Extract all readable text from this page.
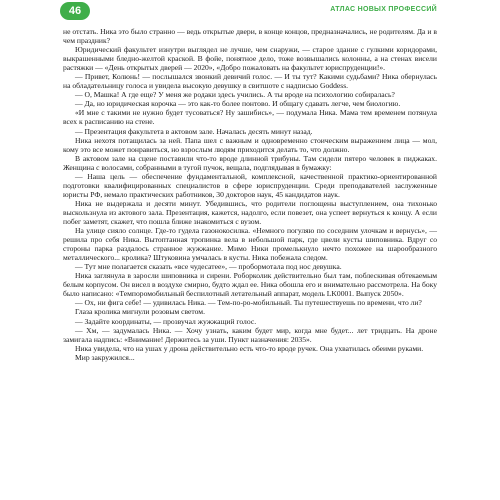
46	АТЛАС НОВЫХ ПРОФЕССИЙ

не отстать. Ника это было странно — ведь открытые двери, в конце концов, предназначались, не родителям. Да и в чем праздник?

Юридический факультет изнутри выглядел не лучше, чем снаружи, — старое здание с гулкими коридорами, выкрашенными бледно-желтой краской. В фойе, понятное дело, тоже возвышались колонны, а на стенах висели растяжки — «День открытых дверей — 2020», «Добро пожаловать на факультет юриспруденции!».

— Привет, Колюнь! — послышался звонкий девичий голос. — И ты тут? Какими судьбами? Ника обернулась на обладательницу голоса и увидела высокую девушку в свитшоте с надписью Goddess.

— О, Машка! А где еще? У меня же родаки здесь учились. А ты вроде на психологию собиралась?

— Да, но юридическая корочка — это как-то более понтово. И общагу сдавать легче, чем биологию.

«И мне с такими не нужно будет тусоваться? Ну зашибись», — подумала Ника. Мама тем временем потянула всех к расписанию на стене.

— Презентация факультета в актовом зале. Началась десять минут назад.

Ника нехотя потащилась за ней. Папа шел с важным и одновременно стоическим выражением лица — мол, кому это все может понравиться, но взрослым людям приходится делать то, что должно.

В актовом зале на сцене поставили что-то вроде длинной трибуны. Там сидели пятеро человек в пиджаках. Женщина с волосами, собранными в тугой пучок, вещала, подглядывая в бумажку:

— Наша цель — обеспечение фундаментальной, комплексной, качественной практико-ориентированной подготовки квалифицированных специалистов в сфере юриспруденции. Среди преподавателей заслуженные юристы РФ, немало практических работников, 30 докторов наук, 45 кандидатов наук.

Ника не выдержала и десяти минут. Убедившись, что родители поглощены выступлением, она тихонько выскользнула из актового зала. Презентация, кажется, надолго, если повезет, она успеет вернуться к концу. А если побег заметят, скажет, что пошла ближе знакомиться с вузом.

На улице сияло солнце. Где-то гудела газонокосилка. «Немного погуляю по соседним улочкам и вернусь», — решила про себя Ника. Вытоптанная тропинка вела в небольшой парк, где цвели кусты шиповника. Вдруг со стороны парка раздалось странное жужжание. Мимо Ники промелькнуло нечто похожее на шарообразного металлического... кролика? Штуковина умчалась в кусты. Ника побежала следом.

— Тут мне полагается сказать «все чудесатее», — пробормотала под нос девушка.

Ника заглянула в заросли шиповника и сирени. Роборколик действительно был там, поблескивая обтекаемым белым корпусом. Он висел в воздухе смирно, будто ждал ее. Ника обошла его и внимательно рассмотрела. На боку было написано: «Темпоромобильный беспилотный летательный аппарат, модель LK0001. Выпуск 2050».

— Ох, ни фига себе! — удивилась Ника. — Тем-по-ро-мобильный. Ты путешествуешь по времени, что ли?

Глаза кролика мигнули розовым светом.

— Задайте координаты, — прозвучал жужжащий голос.

— Хм, — задумалась Ника. — Хочу узнать, каким будет мир, когда мне будет... лет тридцать. На дроне замигала надпись: «Внимание! Держитесь за уши. Пункт назначения: 2035».

Ника увидела, что на ушах у дрона действительно есть что-то вроде ручек. Она ухватилась обеими руками.

Мир закружился...
